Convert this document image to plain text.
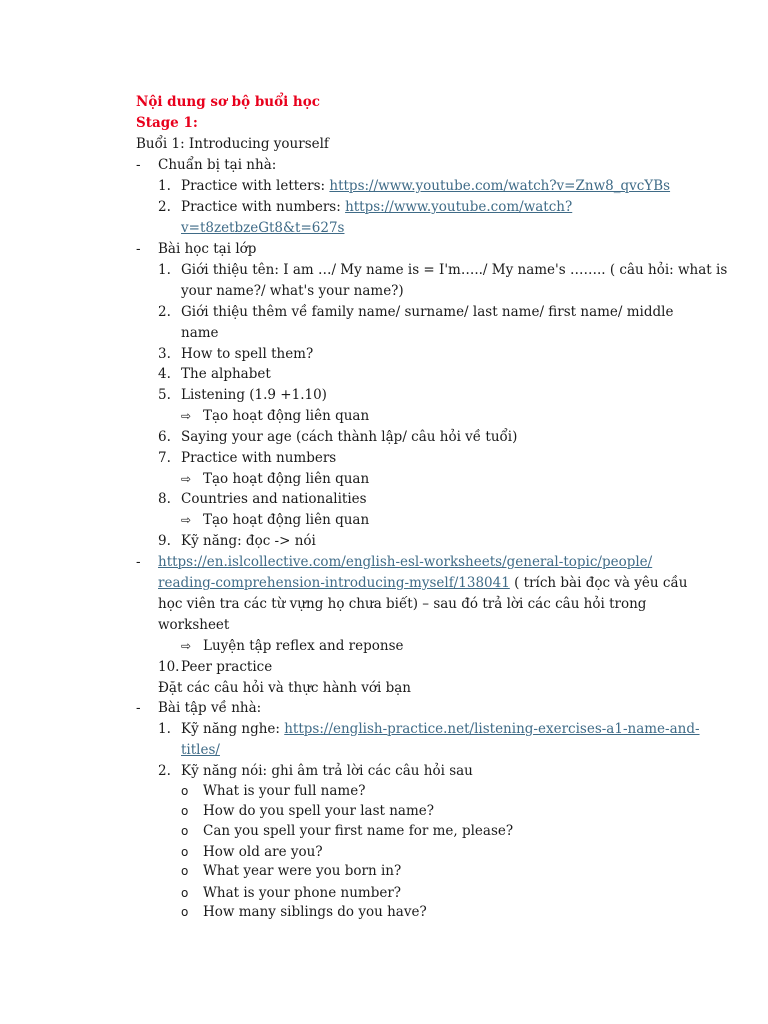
Nội dung sơ bộ buổi học
Stage 1:
Buổi 1: Introducing yourself
- Chuẩn bị tại nhà:
1. Practice with letters: https://www.youtube.com/watch?v=Znw8_qvcYBs
2. Practice with numbers: https://www.youtube.com/watch?
v=t8zetbzeGt8&t=627s
- Bài học tại lớp
1. Giới thiệu tên: I am …/ My name is = I'm…../ My name's …….. ( câu hỏi: what is
your name?/ what's your name?)
2. Giới thiệu thêm về family name/ surname/ last name/ first name/ middle
name
3. How to spell them?
4. The alphabet
5. Listening (1.9 +1.10)
⇨ Tạo hoạt động liên quan
6. Saying your age (cách thành lập/ câu hỏi về tuổi)
7. Practice with numbers
⇨ Tạo hoạt động liên quan
8. Countries and nationalities
⇨ Tạo hoạt động liên quan
9. Kỹ năng: đọc -> nói
- https://en.islcollective.com/english-esl-worksheets/general-topic/people/
reading-comprehension-introducing-myself/138041 ( trích bài đọc và yêu cầu
học viên tra các từ vựng họ chưa biết) – sau đó trả lời các câu hỏi trong
worksheet
⇨ Luyện tập reflex and reponse
10. Peer practice
Đặt các câu hỏi và thực hành với bạn
- Bài tập về nhà:
1. Kỹ năng nghe: https://english-practice.net/listening-exercises-a1-name-and-
titles/
2. Kỹ năng nói: ghi âm trả lời các câu hỏi sau
o What is your full name?
o How do you spell your last name?
o Can you spell your first name for me, please?
o How old are you?
o What year were you born in?
o What is your phone number?
o How many siblings do you have?
